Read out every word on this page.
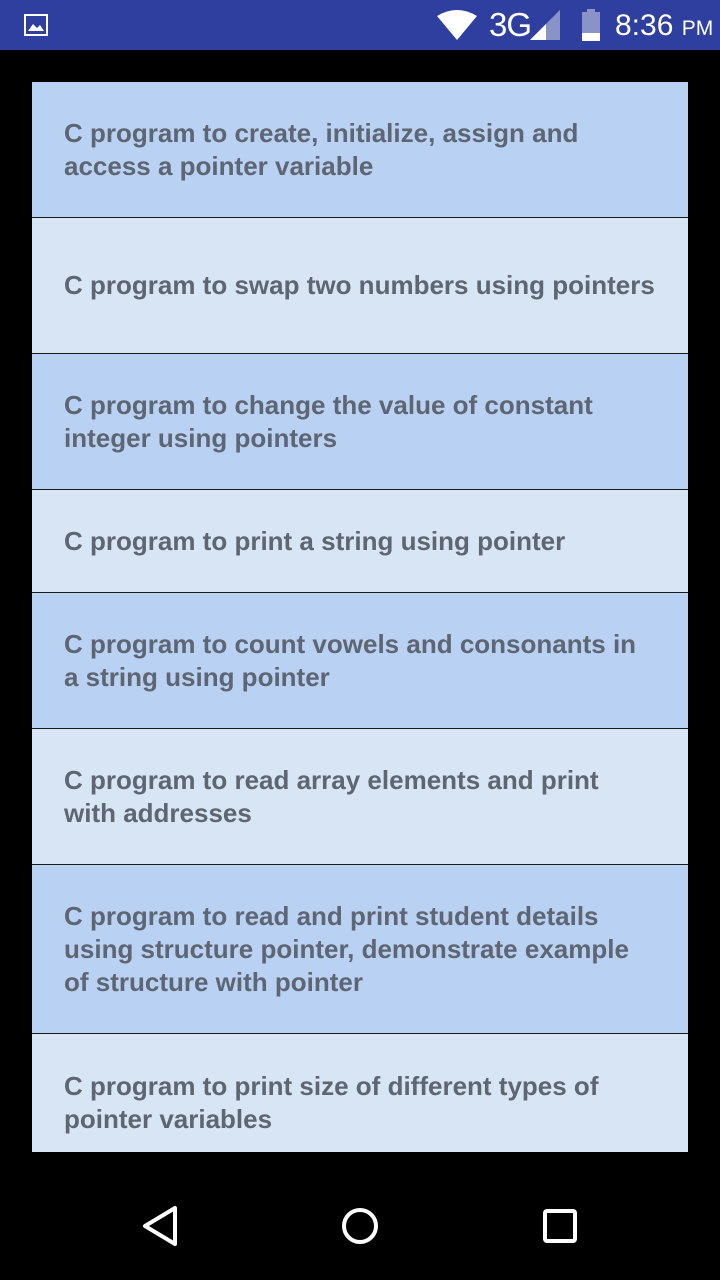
3G	8:36 PM
C program to create, initialize, assign and access a pointer variable
C program to swap two numbers using pointers
C program to change the value of constant integer using pointers
C program to print a string using pointer
C program to count vowels and consonants in a string using pointer
C program to read array elements and print with addresses
C program to read and print student details using structure pointer, demonstrate example of structure with pointer
C program to print size of different types of pointer variables
